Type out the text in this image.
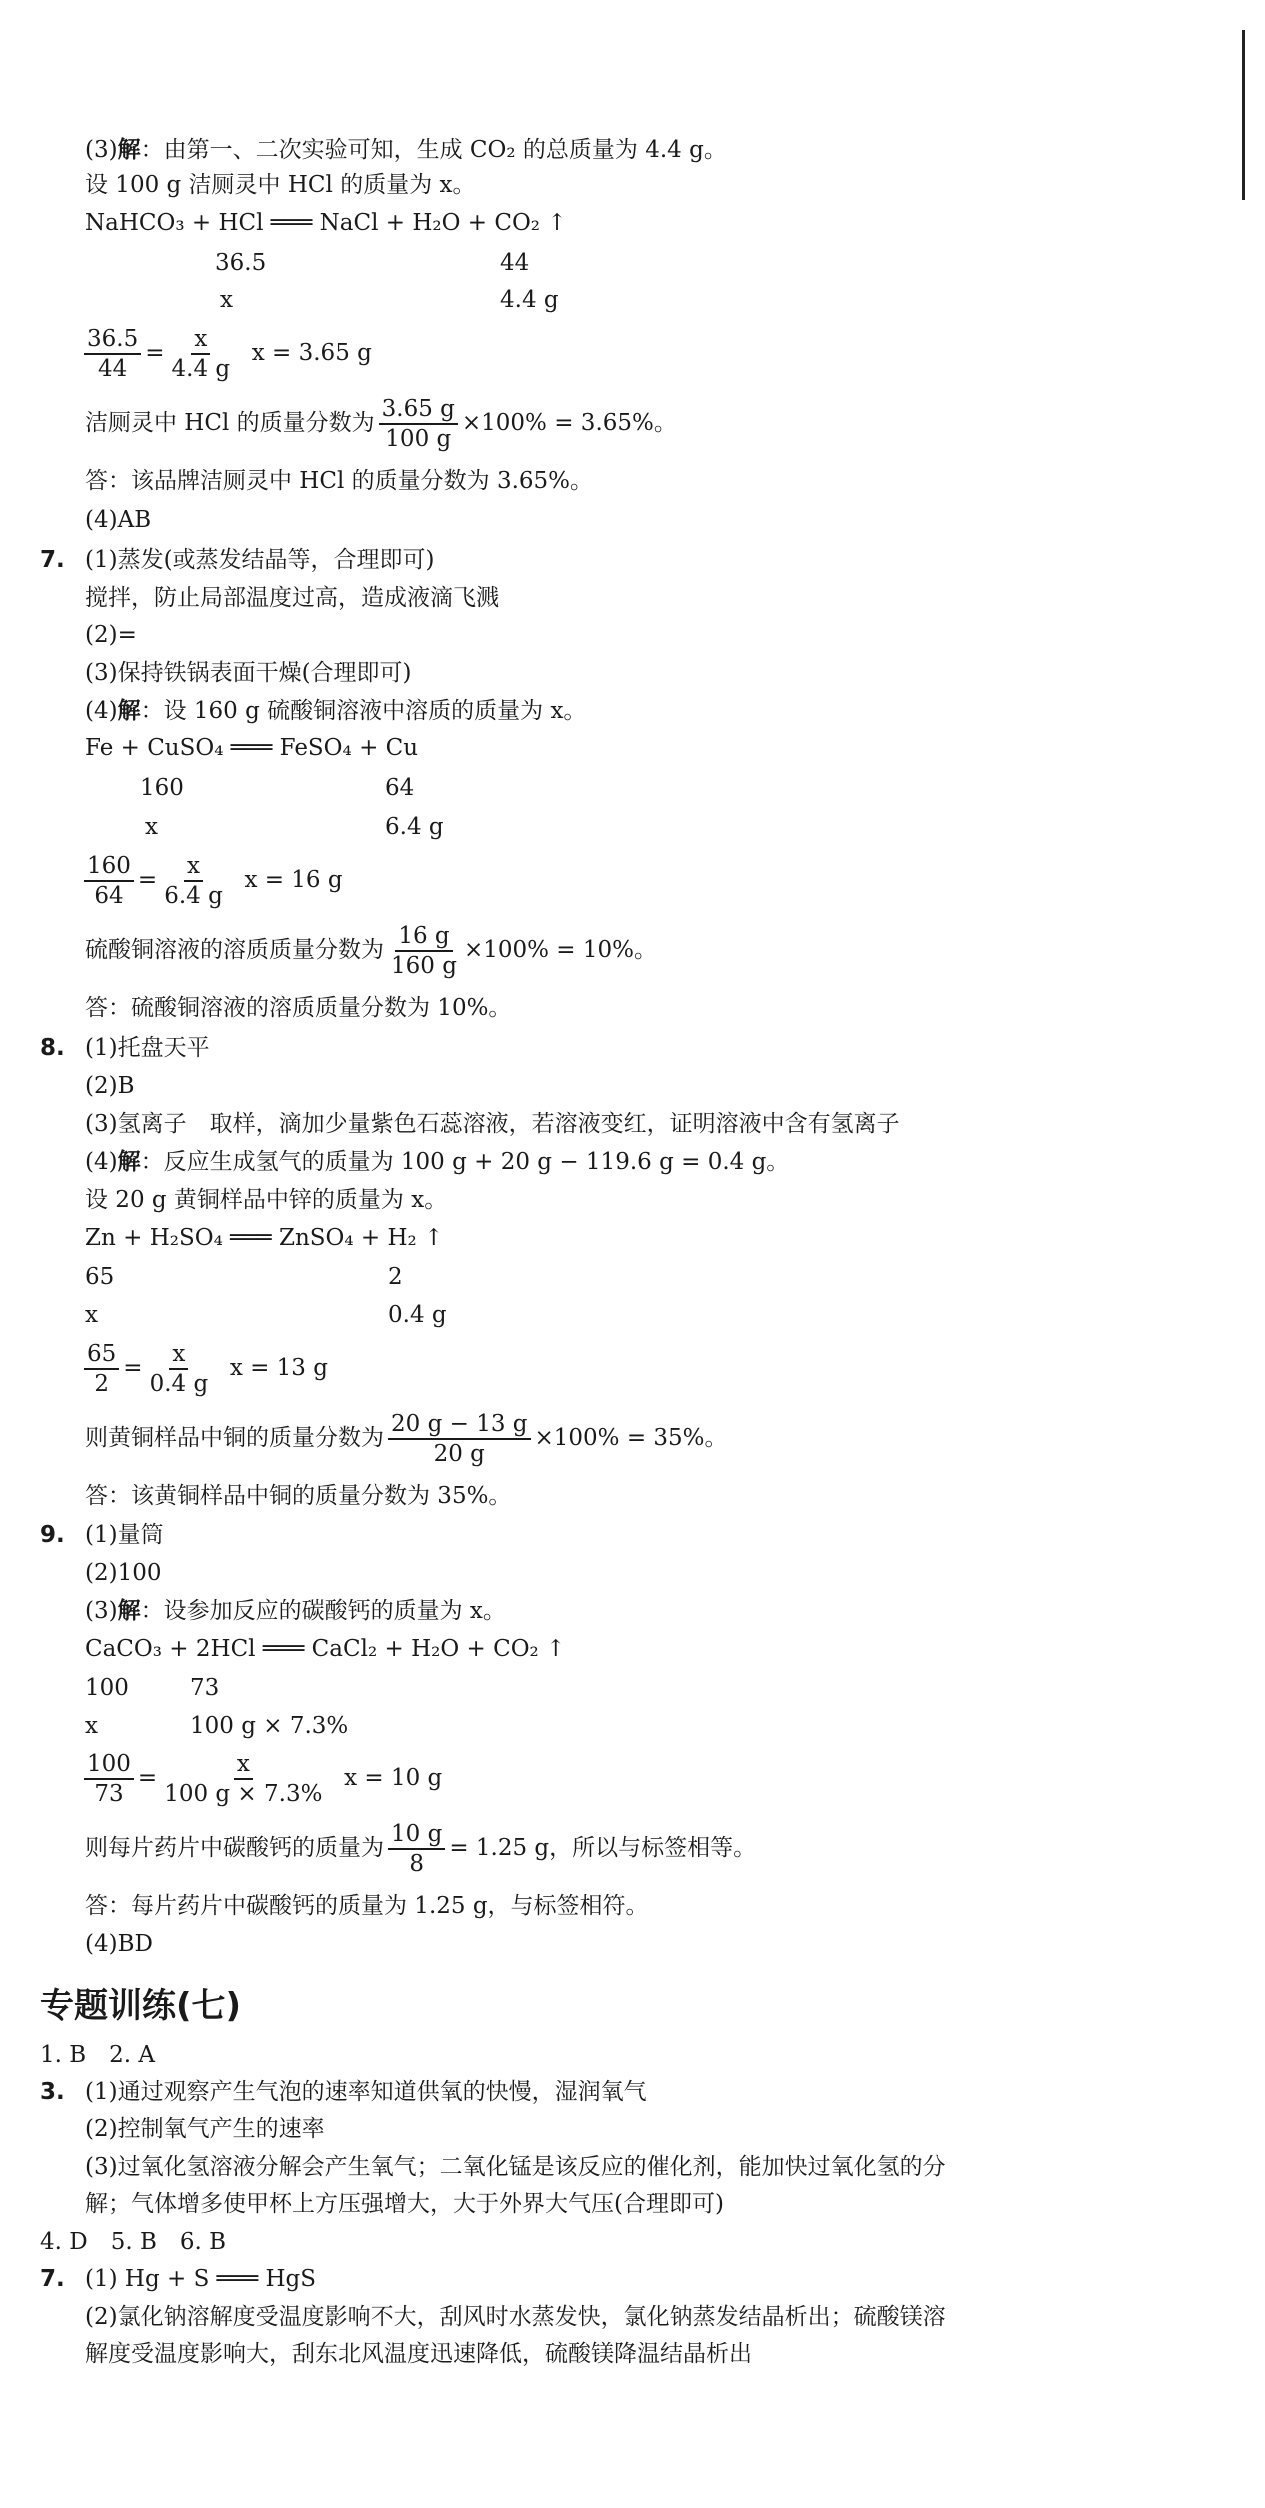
(3)解：由第一、二次实验可知，生成 CO₂ 的总质量为 4.4 g。
设 100 g 洁厕灵中 HCl 的质量为 x。
NaHCO₃ + HCl ═══ NaCl + H₂O + CO₂ ↑
36.5	44
x	4.4 g
$\frac{36.5}{44} = \frac{x}{4.4 g}$ x = 3.65 g
洁厕灵中 HCl 的质量分数为 $\frac{3.65 g}{100 g} \times 100\% = 3.65\%$。
答：该品牌洁厕灵中 HCl 的质量分数为 3.65%。
(4)AB
7. (1)蒸发(或蒸发结晶等，合理即可)
搅拌，防止局部温度过高，造成液滴飞溅
(2)=
(3)保持铁锅表面干燥(合理即可)
(4)解：设 160 g 硫酸铜溶液中溶质的质量为 x。
Fe + CuSO₄ ═══ FeSO₄ + Cu
160	64
x	6.4 g
$\frac{160}{64} = \frac{x}{6.4 g}$ x = 16 g
硫酸铜溶液的溶质质量分数为 $\frac{16 g}{160 g} \times 100\% = 10\%$。
答：硫酸铜溶液的溶质质量分数为 10%。
8. (1)托盘天平
(2)B
(3)氢离子　取样，滴加少量紫色石蕊溶液，若溶液变红，证明溶液中含有氢离子
(4)解：反应生成氢气的质量为 100 g + 20 g − 119.6 g = 0.4 g。
设 20 g 黄铜样品中锌的质量为 x。
Zn + H₂SO₄ ═══ ZnSO₄ + H₂ ↑
65	2
x	0.4 g
$\frac{65}{2} = \frac{x}{0.4 g}$ x = 13 g
则黄铜样品中铜的质量分数为 $\frac{20 g - 13 g}{20 g} \times 100\% = 35\%$。
答：该黄铜样品中铜的质量分数为 35%。
9. (1)量筒
(2)100
(3)解：设参加反应的碳酸钙的质量为 x。
CaCO₃ + 2HCl ═══ CaCl₂ + H₂O + CO₂ ↑
100	73
x	100 g × 7.3%
$\frac{100}{73} = \frac{x}{100 g \times 7.3\%}$ x = 10 g
则每片药片中碳酸钙的质量为 $\frac{10 g}{8} = 1.25$ g，所以与标签相等。
答：每片药片中碳酸钙的质量为 1.25 g，与标签相符。
(4)BD
专题训练(七)
1. B　2. A
3. (1)通过观察产生气泡的速率知道供氧的快慢，湿润氧气
(2)控制氧气产生的速率
(3)过氧化氢溶液分解会产生氧气；二氧化锰是该反应的催化剂，能加快过氧化氢的分
解；气体增多使甲杯上方压强增大，大于外界大气压(合理即可)
4. D　5. B　6. B
7. (1) Hg + S ═══ HgS
(2)氯化钠溶解度受温度影响不大，刮风时水蒸发快，氯化钠蒸发结晶析出；硫酸镁溶
解度受温度影响大，刮东北风温度迅速降低，硫酸镁降温结晶析出
